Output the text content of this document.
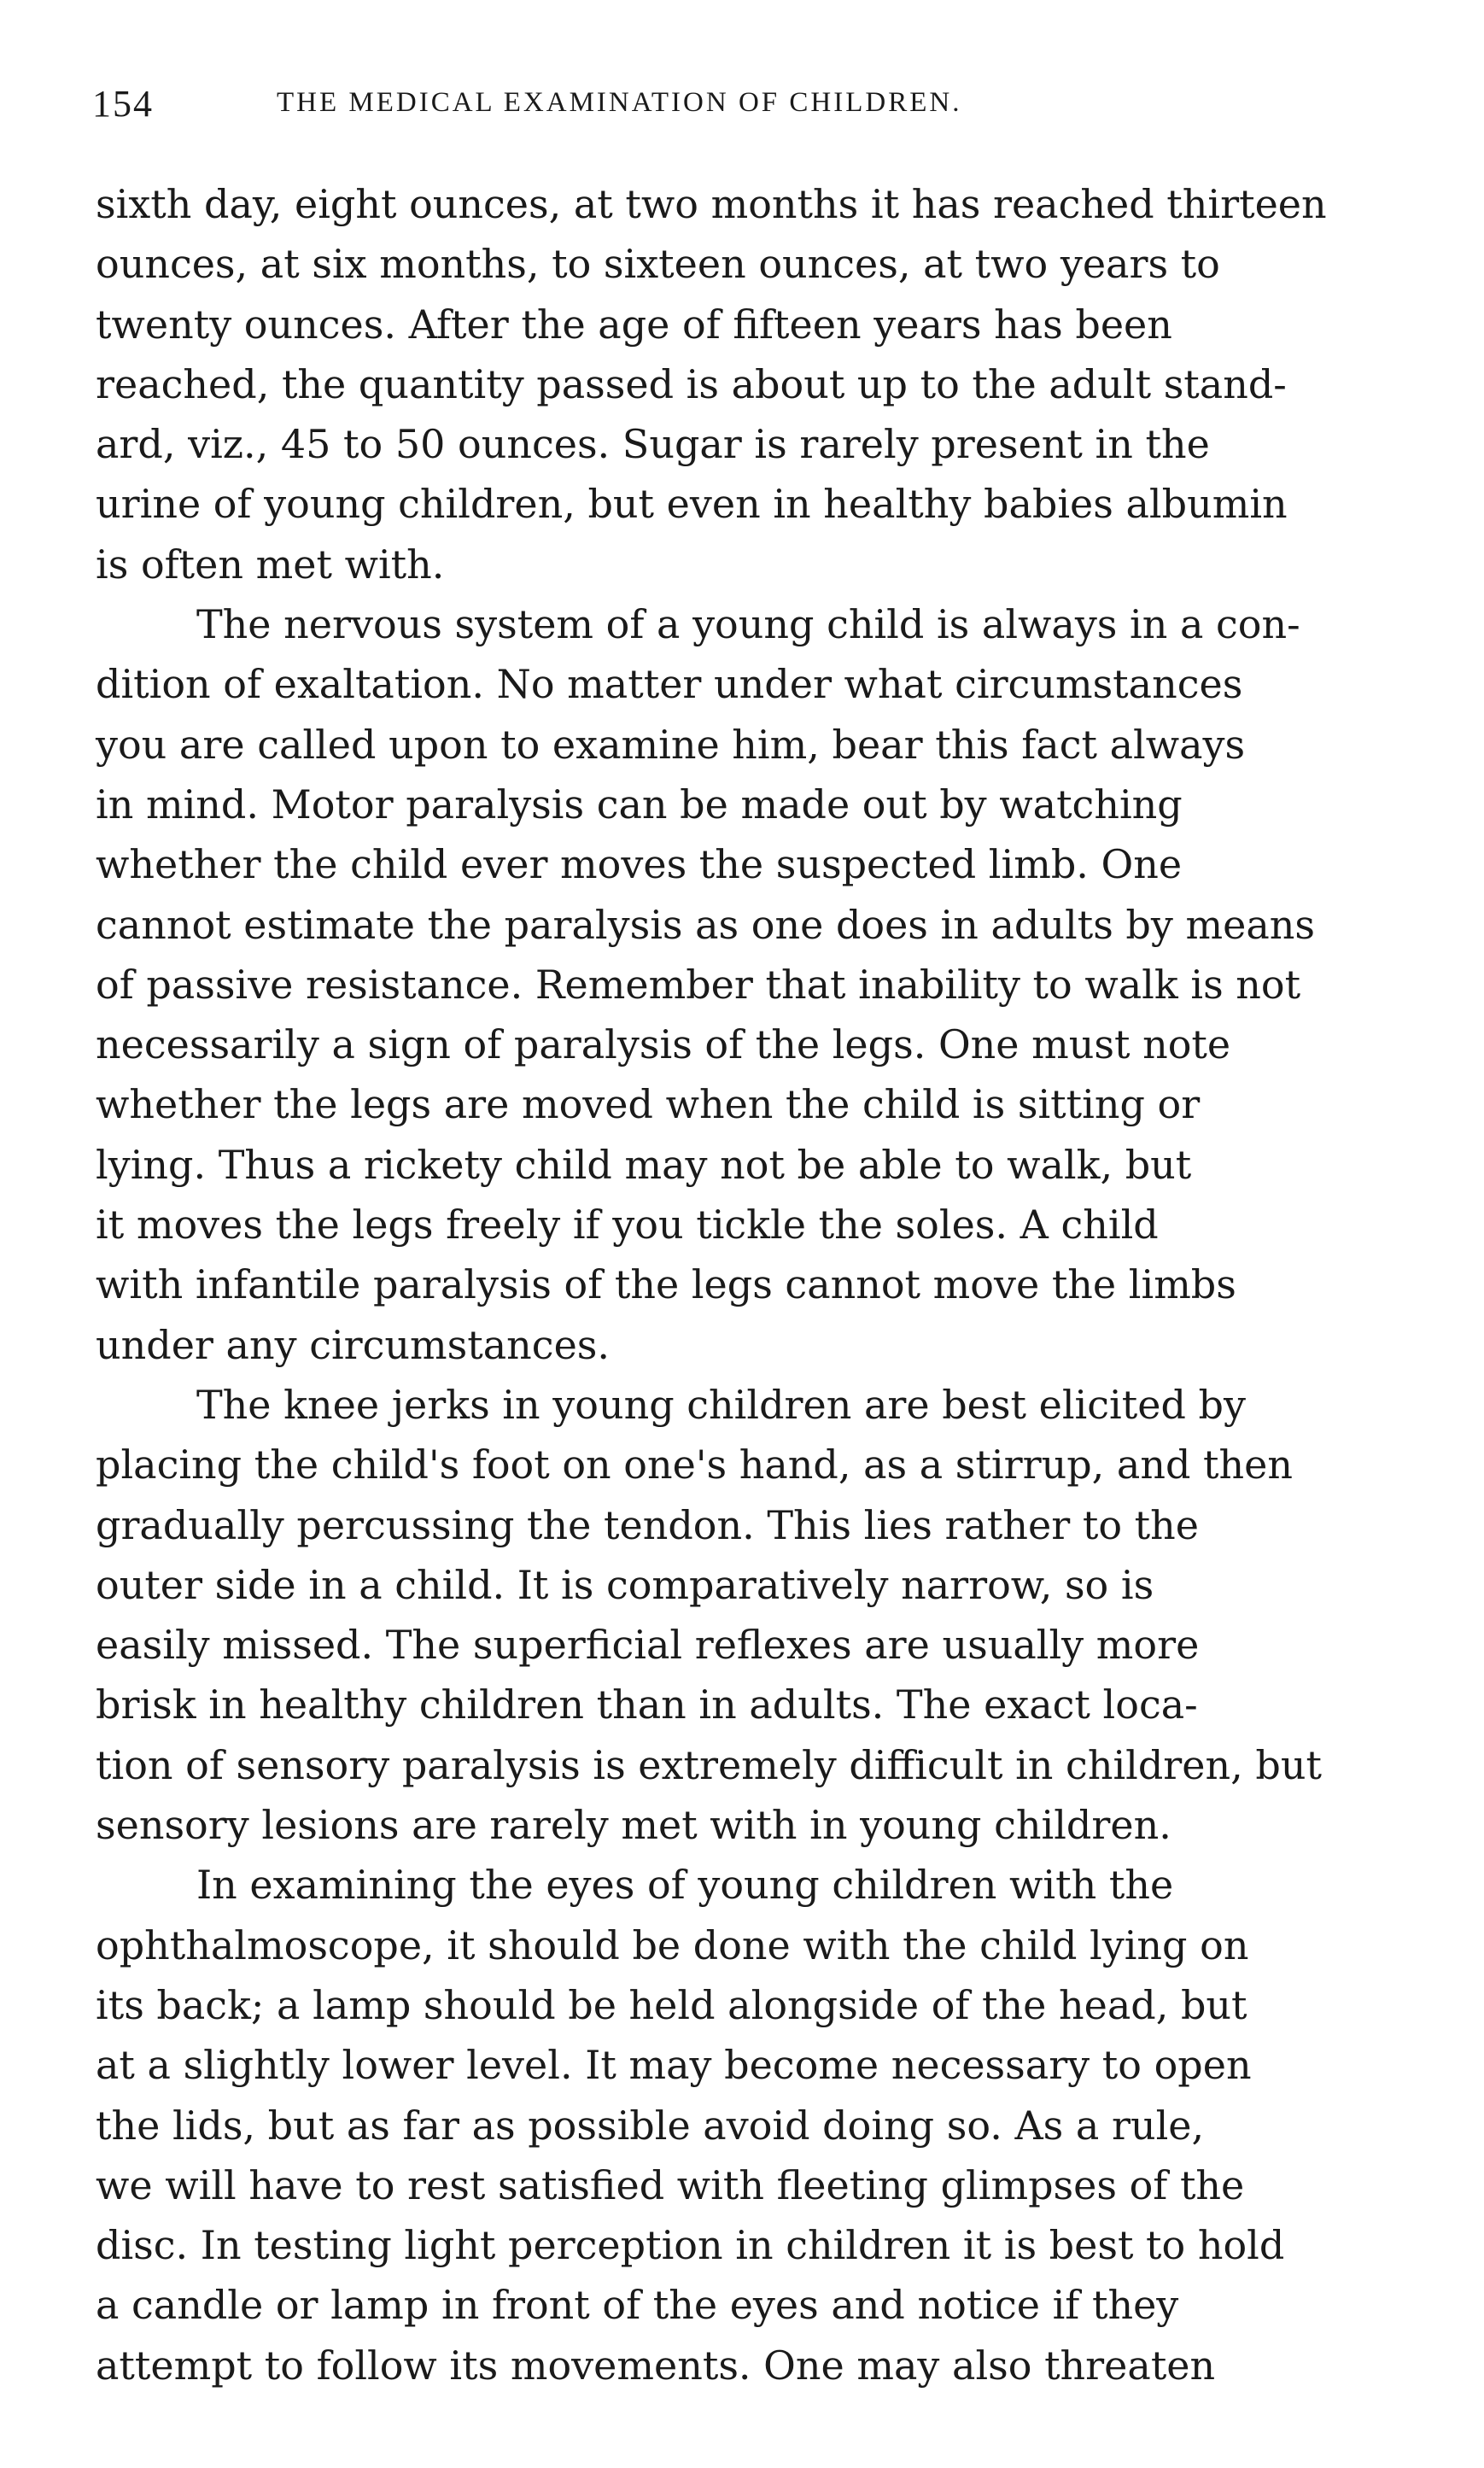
154	THE MEDICAL EXAMINATION OF CHILDREN.
sixth day, eight ounces, at two months it has reached thirteen
ounces, at six months, to sixteen ounces, at two years to
twenty ounces. After the age of fifteen years has been
reached, the quantity passed is about up to the adult stand-
ard, viz., 45 to 50 ounces. Sugar is rarely present in the
urine of young children, but even in healthy babies albumin
is often met with.
The nervous system of a young child is always in a con-
dition of exaltation. No matter under what circumstances
you are called upon to examine him, bear this fact always
in mind. Motor paralysis can be made out by watching
whether the child ever moves the suspected limb. One
cannot estimate the paralysis as one does in adults by means
of passive resistance. Remember that inability to walk is not
necessarily a sign of paralysis of the legs. One must note
whether the legs are moved when the child is sitting or
lying. Thus a rickety child may not be able to walk, but
it moves the legs freely if you tickle the soles. A child
with infantile paralysis of the legs cannot move the limbs
under any circumstances.
The knee jerks in young children are best elicited by
placing the child's foot on one's hand, as a stirrup, and then
gradually percussing the tendon. This lies rather to the
outer side in a child. It is comparatively narrow, so is
easily missed. The superficial reflexes are usually more
brisk in healthy children than in adults. The exact loca-
tion of sensory paralysis is extremely difficult in children, but
sensory lesions are rarely met with in young children.
In examining the eyes of young children with the
ophthalmoscope, it should be done with the child lying on
its back; a lamp should be held alongside of the head, but
at a slightly lower level. It may become necessary to open
the lids, but as far as possible avoid doing so. As a rule,
we will have to rest satisfied with fleeting glimpses of the
disc. In testing light perception in children it is best to hold
a candle or lamp in front of the eyes and notice if they
attempt to follow its movements. One may also threaten
